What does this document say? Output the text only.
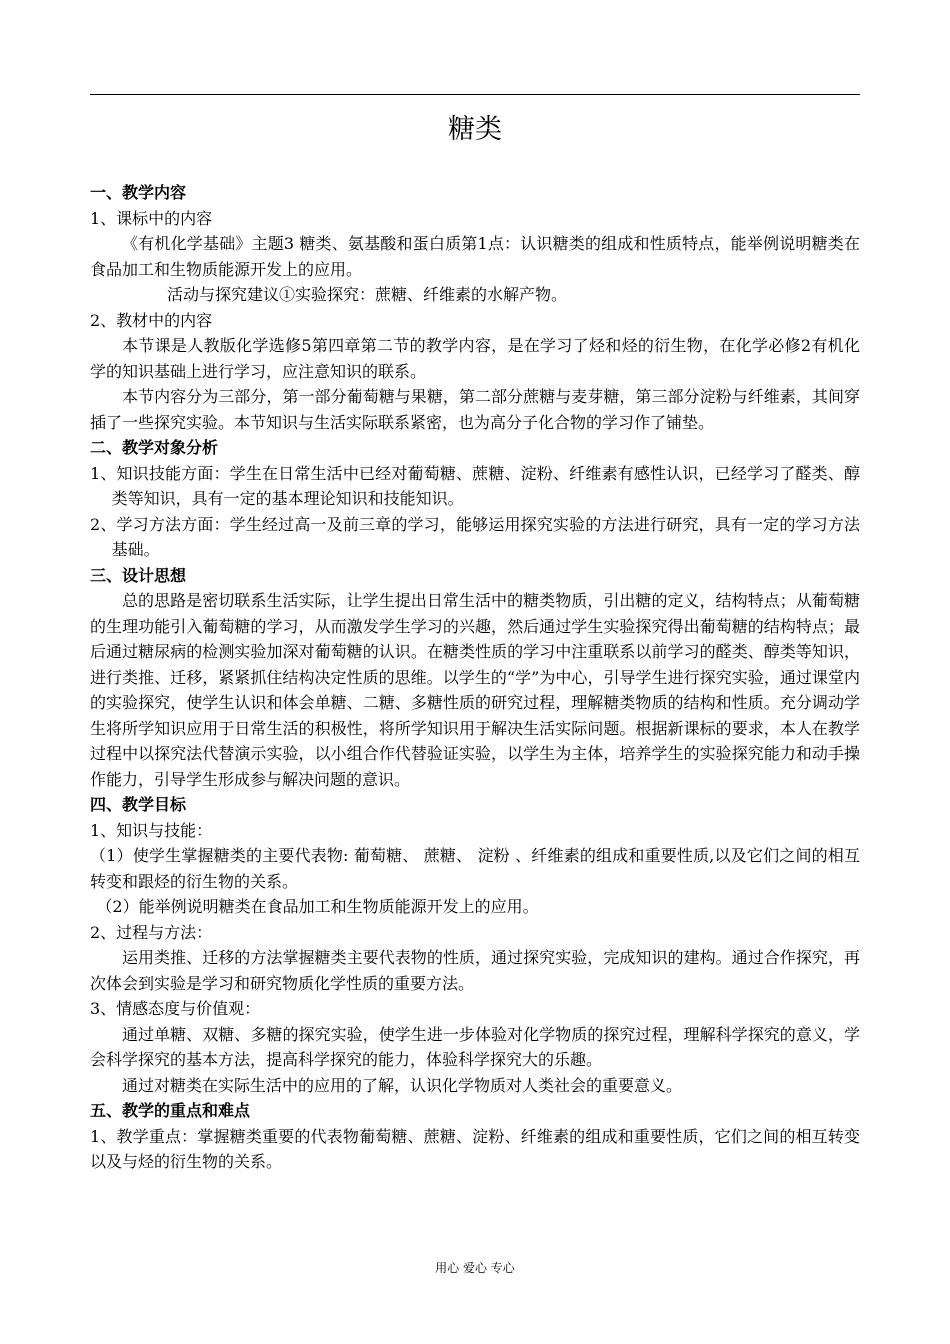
糖类

一、教学内容

1、课标中的内容

《有机化学基础》主题3 糖类、氨基酸和蛋白质第1点：认识糖类的组成和性质特点，能举例说明糖类在食品加工和生物质能源开发上的应用。

活动与探究建议①实验探究：蔗糖、纤维素的水解产物。

2、教材中的内容

本节课是人教版化学选修5第四章第二节的教学内容，是在学习了烃和烃的衍生物，在化学必修2有机化学的知识基础上进行学习，应注意知识的联系。

本节内容分为三部分，第一部分葡萄糖与果糖，第二部分蔗糖与麦芽糖，第三部分淀粉与纤维素，其间穿插了一些探究实验。本节知识与生活实际联系紧密，也为高分子化合物的学习作了铺垫。

二、教学对象分析

1、知识技能方面：学生在日常生活中已经对葡萄糖、蔗糖、淀粉、纤维素有感性认识，已经学习了醛类、醇类等知识，具有一定的基本理论知识和技能知识。

2、学习方法方面：学生经过高一及前三章的学习，能够运用探究实验的方法进行研究，具有一定的学习方法基础。

三、设计思想

总的思路是密切联系生活实际，让学生提出日常生活中的糖类物质，引出糖的定义，结构特点；从葡萄糖的生理功能引入葡萄糖的学习，从而激发学生学习的兴趣，然后通过学生实验探究得出葡萄糖的结构特点；最后通过糖尿病的检测实验加深对葡萄糖的认识。在糖类性质的学习中注重联系以前学习的醛类、醇类等知识，进行类推、迁移，紧紧抓住结构决定性质的思维。以学生的“学”为中心，引导学生进行探究实验，通过课堂内的实验探究，使学生认识和体会单糖、二糖、多糖性质的研究过程，理解糖类物质的结构和性质。充分调动学生将所学知识应用于日常生活的积极性，将所学知识用于解决生活实际问题。根据新课标的要求，本人在教学过程中以探究法代替演示实验，以小组合作代替验证实验，以学生为主体，培养学生的实验探究能力和动手操作能力，引导学生形成参与解决问题的意识。

四、教学目标

1、知识与技能：

（1）使学生掌握糖类的主要代表物: 葡萄糖、 蔗糖、 淀粉 、纤维素的组成和重要性质,以及它们之间的相互转变和跟烃的衍生物的关系。

（2）能举例说明糖类在食品加工和生物质能源开发上的应用。

2、过程与方法：

运用类推、迁移的方法掌握糖类主要代表物的性质，通过探究实验，完成知识的建构。通过合作探究，再次体会到实验是学习和研究物质化学性质的重要方法。

3、情感态度与价值观：

通过单糖、双糖、多糖的探究实验，使学生进一步体验对化学物质的探究过程，理解科学探究的意义，学会科学探究的基本方法，提高科学探究的能力，体验科学探究大的乐趣。

通过对糖类在实际生活中的应用的了解，认识化学物质对人类社会的重要意义。

五、教学的重点和难点

1、教学重点：掌握糖类重要的代表物葡萄糖、蔗糖、淀粉、纤维素的组成和重要性质，它们之间的相互转变以及与烃的衍生物的关系。

用心 爱心 专心
